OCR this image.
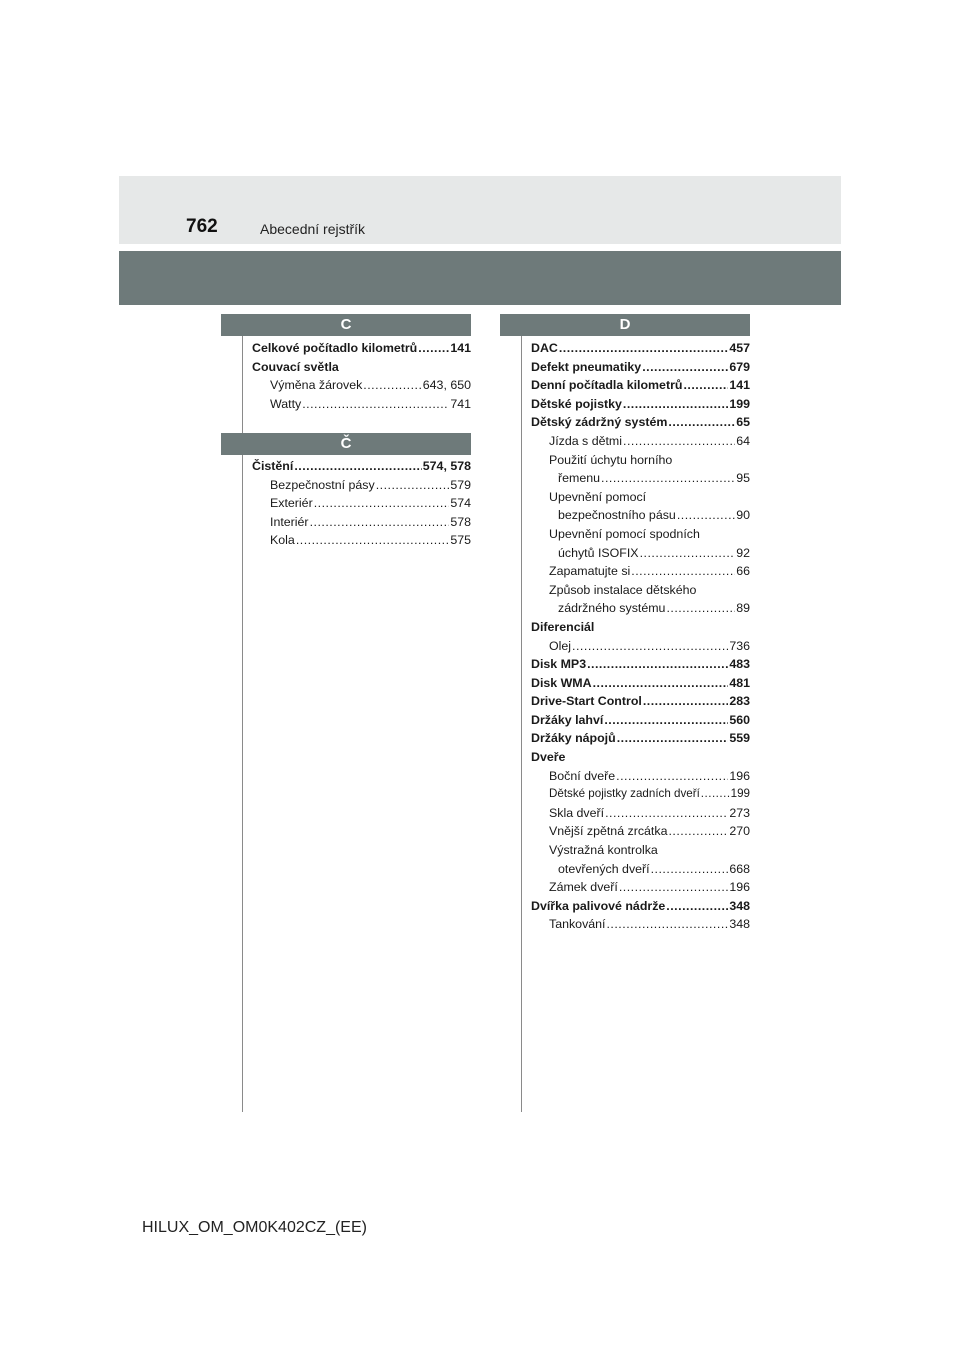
762	Abecední rejstřík
C
Celkové počítadlo kilometrů .....	141
Couvací světla
Výměna žárovek .....	643, 650
Watty .....	741
Č
Čistění .....	574, 578
Bezpečnostní pásy .....	579
Exteriér .....	574
Interiér .....	578
Kola .....	575
D
DAC .....	457
Defekt pneumatiky .....	679
Denní počítadla kilometrů .....	141
Dětské pojistky .....	199
Dětský zádržný systém .....	65
Jízda s dětmi .....	64
Použití úchytu horního
řemenu .....	95
Upevnění pomocí
bezpečnostního pásu .....	90
Upevnění pomocí spodních
úchytů ISOFIX .....	92
Zapamatujte si .....	66
Způsob instalace dětského
zádržného systému .....	89
Diferenciál
Olej .....	736
Disk MP3 .....	483
Disk WMA .....	481
Drive-Start Control .....	283
Držáky lahví .....	560
Držáky nápojů .....	559
Dveře
Boční dveře .....	196
Dětské pojistky zadních dveří .....	199
Skla dveří .....	273
Vnější zpětná zrcátka .....	270
Výstražná kontrolka
otevřených dveří .....	668
Zámek dveří .....	196
Dvířka palivové nádrže .....	348
Tankování .....	348
HILUX_OM_OM0K402CZ_(EE)
